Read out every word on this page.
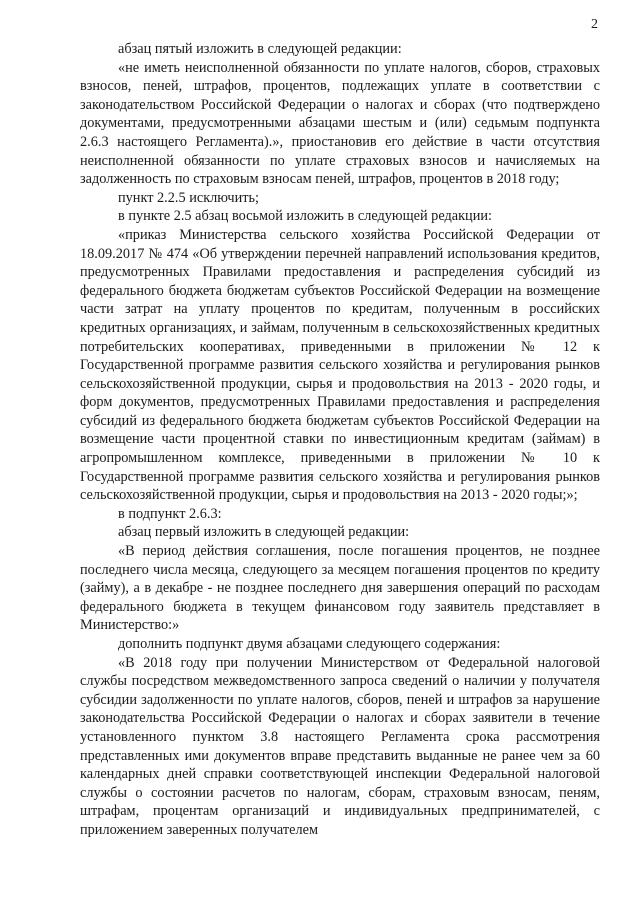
2

абзац пятый изложить в следующей редакции:

«не иметь неисполненной обязанности по уплате налогов, сборов, страховых взносов, пеней, штрафов, процентов, подлежащих уплате в соответствии с законодательством Российской Федерации о налогах и сборах (что подтверждено документами, предусмотренными абзацами шестым и (или) седьмым подпункта 2.6.3 настоящего Регламента).», приостановив его действие в части отсутствия неисполненной обязанности по уплате страховых взносов и начисляемых на задолженность по страховым взносам пеней, штрафов, процентов в 2018 году;

пункт 2.2.5 исключить;

в пункте 2.5 абзац восьмой изложить в следующей редакции:

«приказ Министерства сельского хозяйства Российской Федерации от 18.09.2017 № 474 «Об утверждении перечней направлений использования кредитов, предусмотренных Правилами предоставления и распределения субсидий из федерального бюджета бюджетам субъектов Российской Федерации на возмещение части затрат на уплату процентов по кредитам, полученным в российских кредитных организациях, и займам, полученным в сельскохозяйственных кредитных потребительских кооперативах, приведенными в приложении № 12 к Государственной программе развития сельского хозяйства и регулирования рынков сельскохозяйственной продукции, сырья и продовольствия на 2013 - 2020 годы, и форм документов, предусмотренных Правилами предоставления и распределения субсидий из федерального бюджета бюджетам субъектов Российской Федерации на возмещение части процентной ставки по инвестиционным кредитам (займам) в агропромышленном комплексе, приведенными в приложении № 10 к Государственной программе развития сельского хозяйства и регулирования рынков сельскохозяйственной продукции, сырья и продовольствия на 2013 - 2020 годы;»;

в подпункт 2.6.3:

абзац первый изложить в следующей редакции:

«В период действия соглашения, после погашения процентов, не позднее последнего числа месяца, следующего за месяцем погашения процентов по кредиту (займу), а в декабре - не позднее последнего дня завершения операций по расходам федерального бюджета в текущем финансовом году заявитель представляет в Министерство:»

дополнить подпункт двумя абзацами следующего содержания:

«В 2018 году при получении Министерством от Федеральной налоговой службы посредством межведомственного запроса сведений о наличии у получателя субсидии задолженности по уплате налогов, сборов, пеней и штрафов за нарушение законодательства Российской Федерации о налогах и сборах заявители в течение установленного пунктом 3.8 настоящего Регламента срока рассмотрения представленных ими документов вправе представить выданные не ранее чем за 60 календарных дней справки соответствующей инспекции Федеральной налоговой службы о состоянии расчетов по налогам, сборам, страховым взносам, пеням, штрафам, процентам организаций и индивидуальных предпринимателей, с приложением заверенных получателем
